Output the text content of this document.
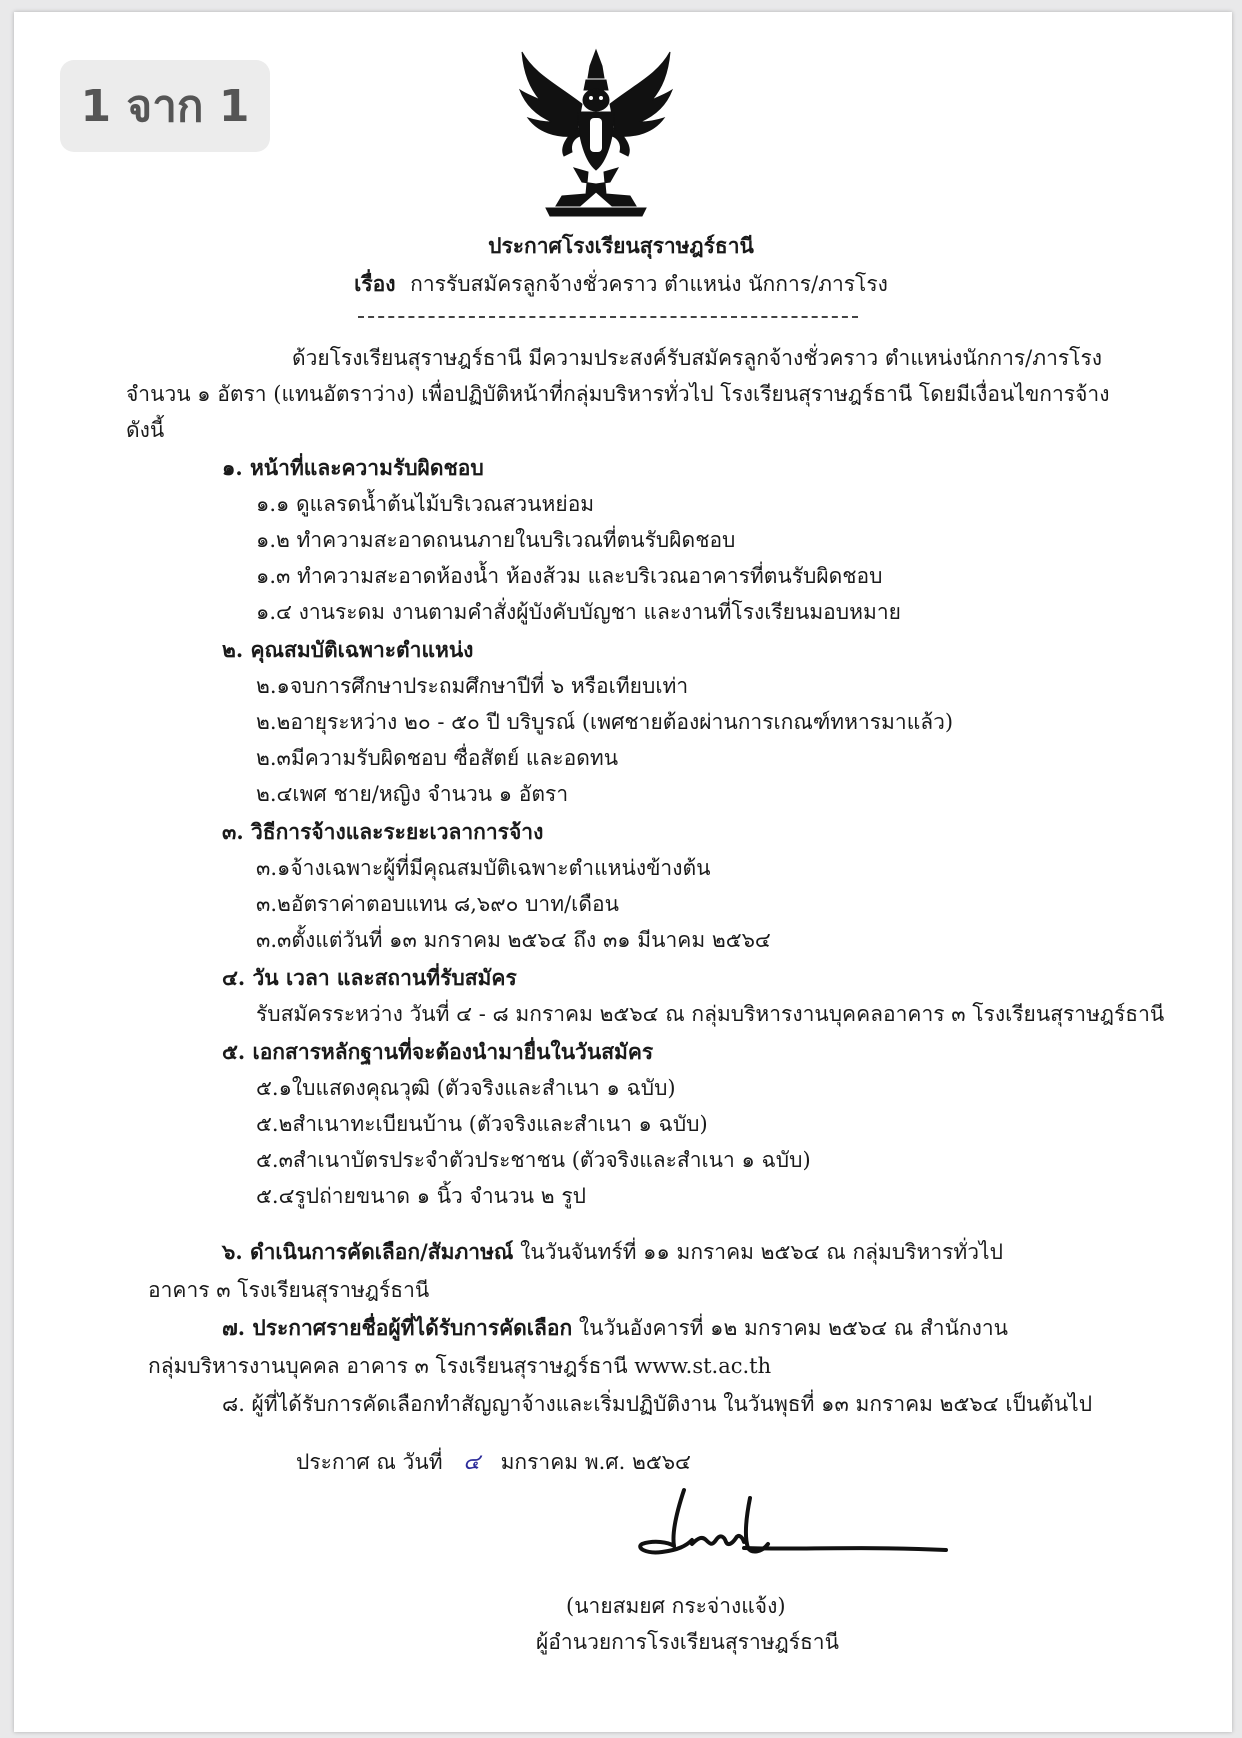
1 จาก 1
ประกาศโรงเรียนสุราษฎร์ธานี
เรื่อง การรับสมัครลูกจ้างชั่วคราว ตำแหน่ง นักการ/ภารโรง
ด้วยโรงเรียนสุราษฎร์ธานี มีความประสงค์รับสมัครลูกจ้างชั่วคราว ตำแหน่งนักการ/ภารโรง
จำนวน ๑ อัตรา (แทนอัตราว่าง) เพื่อปฏิบัติหน้าที่กลุ่มบริหารทั่วไป โรงเรียนสุราษฎร์ธานี โดยมีเงื่อนไขการจ้าง
ดังนี้
๑. หน้าที่และความรับผิดชอบ
๑.๑ ดูแลรดน้ำต้นไม้บริเวณสวนหย่อม
๑.๒ ทำความสะอาดถนนภายในบริเวณที่ตนรับผิดชอบ
๑.๓ ทำความสะอาดห้องน้ำ ห้องส้วม และบริเวณอาคารที่ตนรับผิดชอบ
๑.๔ งานระดม งานตามคำสั่งผู้บังคับบัญชา และงานที่โรงเรียนมอบหมาย
๒. คุณสมบัติเฉพาะตำแหน่ง
๒.๑จบการศึกษาประถมศึกษาปีที่ ๖ หรือเทียบเท่า
๒.๒อายุระหว่าง ๒๐ - ๕๐ ปี บริบูรณ์ (เพศชายต้องผ่านการเกณฑ์ทหารมาแล้ว)
๒.๓มีความรับผิดชอบ ซื่อสัตย์ และอดทน
๒.๔เพศ ชาย/หญิง จำนวน ๑ อัตรา
๓. วิธีการจ้างและระยะเวลาการจ้าง
๓.๑จ้างเฉพาะผู้ที่มีคุณสมบัติเฉพาะตำแหน่งข้างต้น
๓.๒อัตราค่าตอบแทน ๘,๖๙๐ บาท/เดือน
๓.๓ตั้งแต่วันที่ ๑๓ มกราคม ๒๕๖๔ ถึง ๓๑ มีนาคม ๒๕๖๔
๔. วัน เวลา และสถานที่รับสมัคร
รับสมัครระหว่าง วันที่ ๔ - ๘ มกราคม ๒๕๖๔ ณ กลุ่มบริหารงานบุคคลอาคาร ๓ โรงเรียนสุราษฎร์ธานี
๕. เอกสารหลักฐานที่จะต้องนำมายื่นในวันสมัคร
๕.๑ใบแสดงคุณวุฒิ (ตัวจริงและสำเนา ๑ ฉบับ)
๕.๒สำเนาทะเบียนบ้าน (ตัวจริงและสำเนา ๑ ฉบับ)
๕.๓สำเนาบัตรประจำตัวประชาชน (ตัวจริงและสำเนา ๑ ฉบับ)
๕.๔รูปถ่ายขนาด ๑ นิ้ว จำนวน ๒ รูป
๖. ดำเนินการคัดเลือก/สัมภาษณ์ ในวันจันทร์ที่ ๑๑ มกราคม ๒๕๖๔ ณ กลุ่มบริหารทั่วไป
อาคาร ๓ โรงเรียนสุราษฎร์ธานี
๗. ประกาศรายชื่อผู้ที่ได้รับการคัดเลือก ในวันอังคารที่ ๑๒ มกราคม ๒๕๖๔ ณ สำนักงาน
กลุ่มบริหารงานบุคคล อาคาร ๓ โรงเรียนสุราษฎร์ธานี www.st.ac.th
๘. ผู้ที่ได้รับการคัดเลือกทำสัญญาจ้างและเริ่มปฏิบัติงาน ในวันพุธที่ ๑๓ มกราคม ๒๕๖๔ เป็นต้นไป
ประกาศ ณ วันที่ ๔ มกราคม พ.ศ. ๒๕๖๔
(นายสมยศ กระจ่างแจ้ง)
ผู้อำนวยการโรงเรียนสุราษฎร์ธานี
